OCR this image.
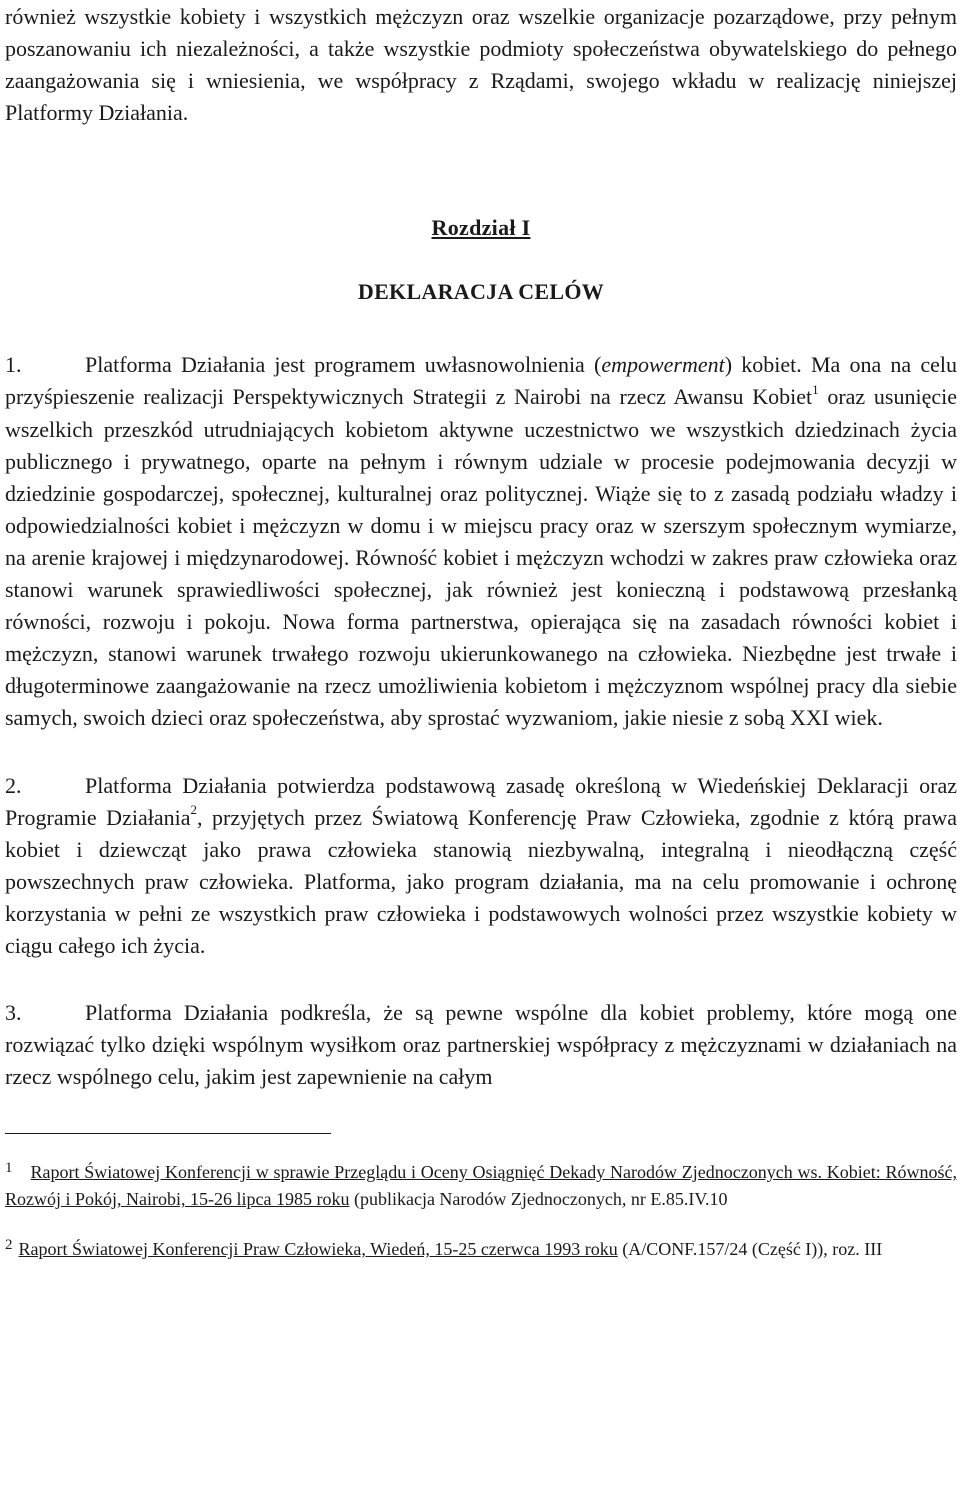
również wszystkie kobiety i wszystkich mężczyzn oraz wszelkie organizacje pozarządowe, przy pełnym poszanowaniu ich niezależności, a także wszystkie podmioty społeczeństwa obywatelskiego do pełnego zaangażowania się i wniesienia, we współpracy z Rządami, swojego wkładu w realizację niniejszej Platformy Działania.

Rozdział I

DEKLARACJA CELÓW

1.	Platforma Działania jest programem uwłasnowolnienia (empowerment) kobiet. Ma ona na celu przyśpieszenie realizacji Perspektywicznych Strategii z Nairobi na rzecz Awansu Kobiet$^1$ oraz usunięcie wszelkich przeszkód utrudniających kobietom aktywne uczestnictwo we wszystkich dziedzinach życia publicznego i prywatnego, oparte na pełnym i równym udziale w procesie podejmowania decyzji w dziedzinie gospodarczej, społecznej, kulturalnej oraz politycznej. Wiąże się to z zasadą podziału władzy i odpowiedzialności kobiet i mężczyzn w domu i w miejscu pracy oraz w szerszym społecznym wymiarze, na arenie krajowej i międzynarodowej. Równość kobiet i mężczyzn wchodzi w zakres praw człowieka oraz stanowi warunek sprawiedliwości społecznej, jak również jest konieczną i podstawową przesłanką równości, rozwoju i pokoju. Nowa forma partnerstwa, opierająca się na zasadach równości kobiet i mężczyzn, stanowi warunek trwałego rozwoju ukierunkowanego na człowieka. Niezbędne jest trwałe i długoterminowe zaangażowanie na rzecz umożliwienia kobietom i mężczyznom wspólnej pracy dla siebie samych, swoich dzieci oraz społeczeństwa, aby sprostać wyzwaniom, jakie niesie z sobą XXI wiek.

2.	Platforma Działania potwierdza podstawową zasadę określoną w Wiedeńskiej Deklaracji oraz Programie Działania$^2$, przyjętych przez Światową Konferencję Praw Człowieka, zgodnie z którą prawa kobiet i dziewcząt jako prawa człowieka stanowią niezbywalną, integralną i nieodłączną część powszechnych praw człowieka. Platforma, jako program działania, ma na celu promowanie i ochronę korzystania w pełni ze wszystkich praw człowieka i podstawowych wolności przez wszystkie kobiety w ciągu całego ich życia.

3.	Platforma Działania podkreśla, że są pewne wspólne dla kobiet problemy, które mogą one rozwiązać tylko dzięki wspólnym wysiłkom oraz partnerskiej współpracy z mężczyznami w działaniach na rzecz wspólnego celu, jakim jest zapewnienie na całym

$^1$ Raport Światowej Konferencji w sprawie Przeglądu i Oceny Osiągnięć Dekady Narodów Zjednoczonych ws. Kobiet: Równość, Rozwój i Pokój, Nairobi, 15-26 lipca 1985 roku (publikacja Narodów Zjednoczonych, nr E.85.IV.10

$^2$ Raport Światowej Konferencji Praw Człowieka, Wiedeń, 15-25 czerwca 1993 roku (A/CONF.157/24 (Część I)), roz. III
